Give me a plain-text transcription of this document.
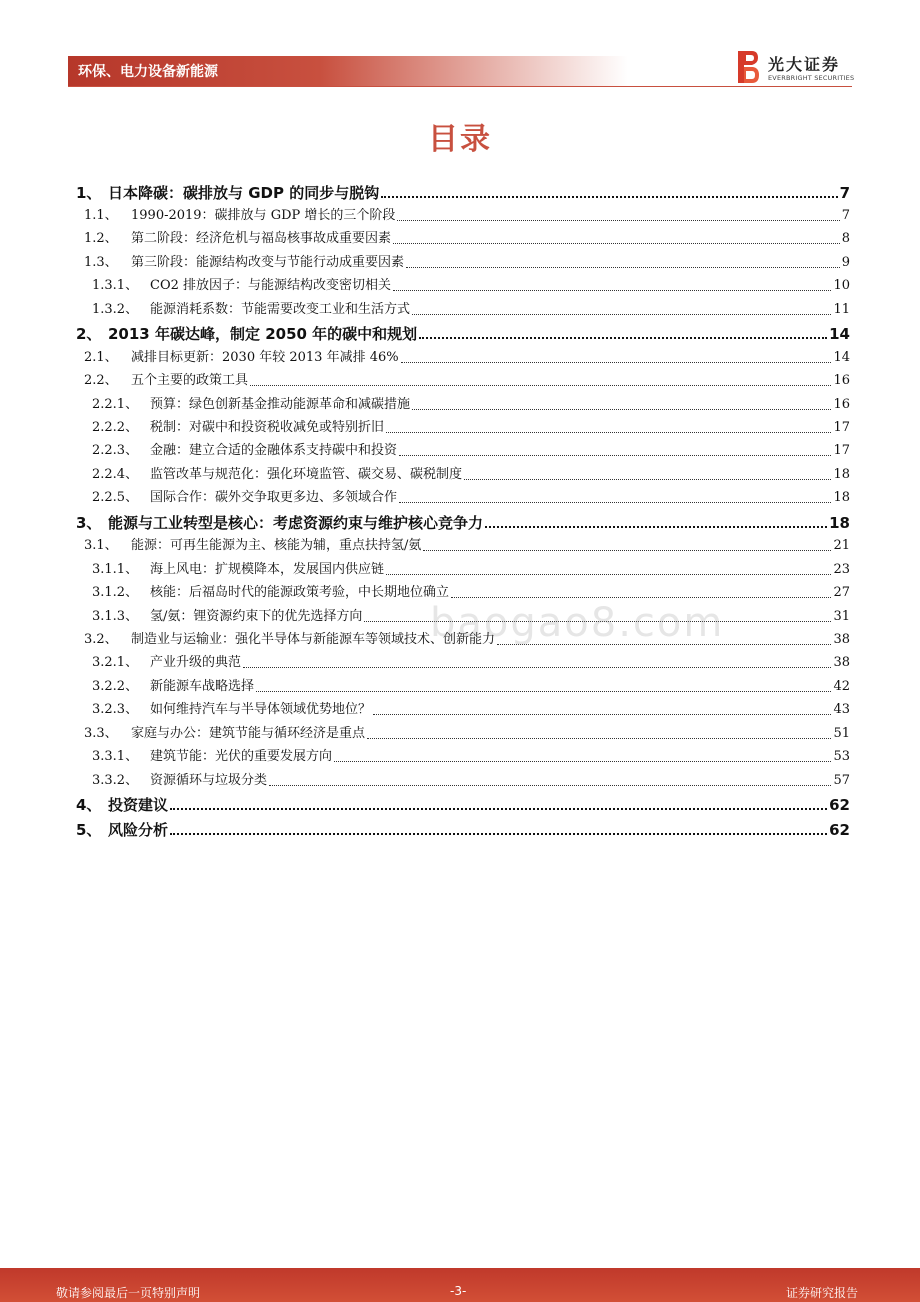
环保、电力设备新能源	光大证券
EVERBRIGHT SECURITIES
目录
1、 日本降碳：碳排放与 GDP 的同步与脱钩	7
1.1、	1990-2019：碳排放与 GDP 增长的三个阶段	7
1.2、	第二阶段：经济危机与福岛核事故成重要因素	8
1.3、	第三阶段：能源结构改变与节能行动成重要因素	9
1.3.1、 CO2 排放因子：与能源结构改变密切相关	10
1.3.2、 能源消耗系数：节能需要改变工业和生活方式	11
2、 2013 年碳达峰，制定 2050 年的碳中和规划	14
2.1、	减排目标更新：2030 年较 2013 年减排 46%	14
2.2、	五个主要的政策工具	16
2.2.1、 预算：绿色创新基金推动能源革命和减碳措施	16
2.2.2、 税制：对碳中和投资税收减免或特别折旧	17
2.2.3、 金融：建立合适的金融体系支持碳中和投资	17
2.2.4、 监管改革与规范化：强化环境监管、碳交易、碳税制度	18
2.2.5、 国际合作：碳外交争取更多边、多领域合作	18
3、 能源与工业转型是核心：考虑资源约束与维护核心竞争力	18
3.1、	能源：可再生能源为主、核能为辅，重点扶持氢/氨	21
3.1.1、 海上风电：扩规模降本，发展国内供应链	23
3.1.2、 核能：后福岛时代的能源政策考验，中长期地位确立	27
3.1.3、 氢/氨：锂资源约束下的优先选择方向	31
3.2、	制造业与运输业：强化半导体与新能源车等领域技术、创新能力	38
3.2.1、 产业升级的典范	38
3.2.2、 新能源车战略选择	42
3.2.3、 如何维持汽车与半导体领域优势地位？	43
3.3、	家庭与办公：建筑节能与循环经济是重点	51
3.3.1、 建筑节能：光伏的重要发展方向	53
3.3.2、 资源循环与垃圾分类	57
4、 投资建议	62
5、 风险分析	62
baogao8.com
敬请参阅最后一页特别声明	-3-	证券研究报告
